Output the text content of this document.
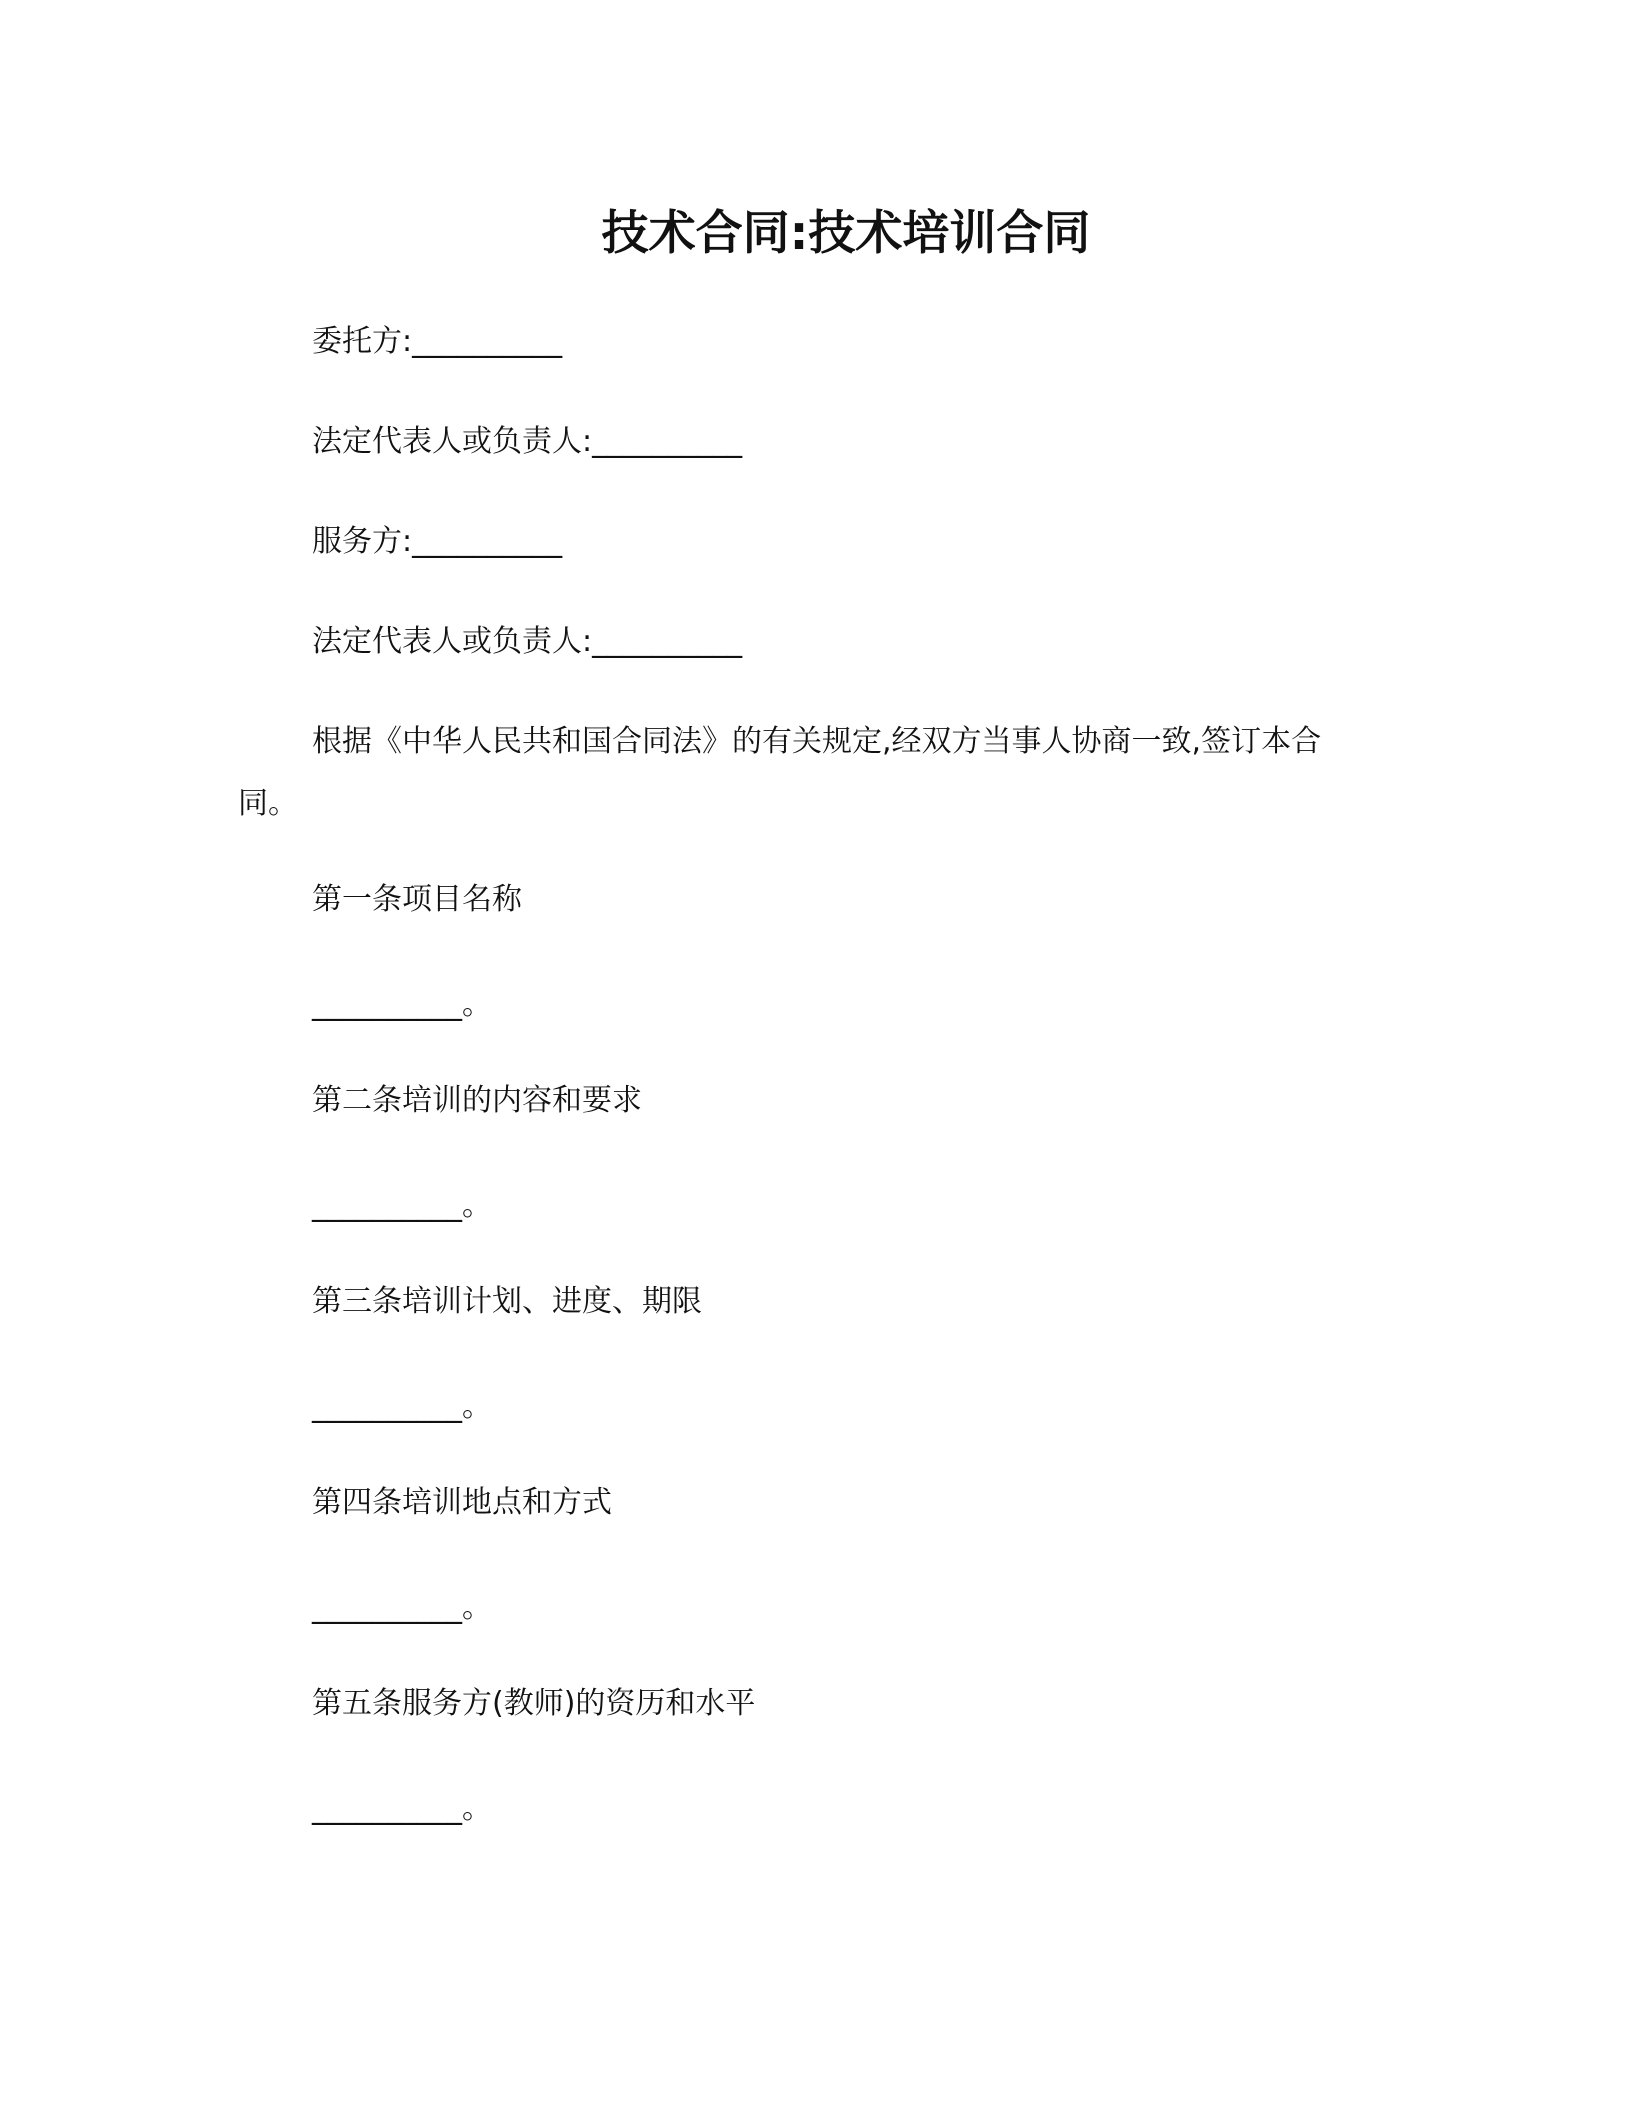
技术合同:技术培训合同
委托方:__________
法定代表人或负责人:__________
服务方:__________
法定代表人或负责人:__________
根据《中华人民共和国合同法》的有关规定,经双方当事人协商一致,签订本合同。
第一条项目名称
__________。
第二条培训的内容和要求
__________。
第三条培训计划、进度、期限
__________。
第四条培训地点和方式
__________。
第五条服务方(教师)的资历和水平
__________。
